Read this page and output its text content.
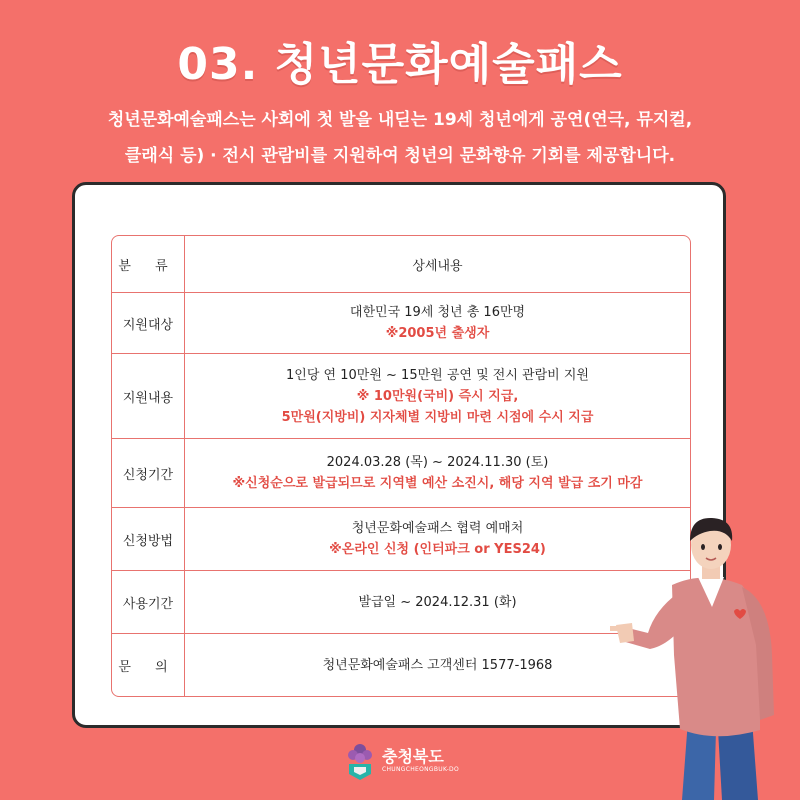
03. 청년문화예술패스
청년문화예술패스는 사회에 첫 발을 내딛는 19세 청년에게 공연(연극, 뮤지컬,
클래식 등) · 전시 관람비를 지원하여 청년의 문화향유 기회를 제공합니다.
분 류	상세내용
지원대상	대한민국 19세 청년 총 16만명
※2005년 출생자

지원내용	1인당 연 10만원 ~ 15만원 공연 및 전시 관람비 지원
※ 10만원(국비) 즉시 지급,
5만원(지방비) 지자체별 지방비 마련 시점에 수시 지급

신청기간	2024.03.28 (목) ~ 2024.11.30 (토)
※신청순으로 발급되므로 지역별 예산 소진시, 해당 지역 발급 조기 마감

신청방법	청년문화예술패스 협력 예매처
※온라인 신청 (인터파크 or YES24)

사용기간	발급일 ~ 2024.12.31 (화)

문 의	청년문화예술패스 고객센터 1577-1968
충청북도
CHUNGCHEONGBUK-DO
